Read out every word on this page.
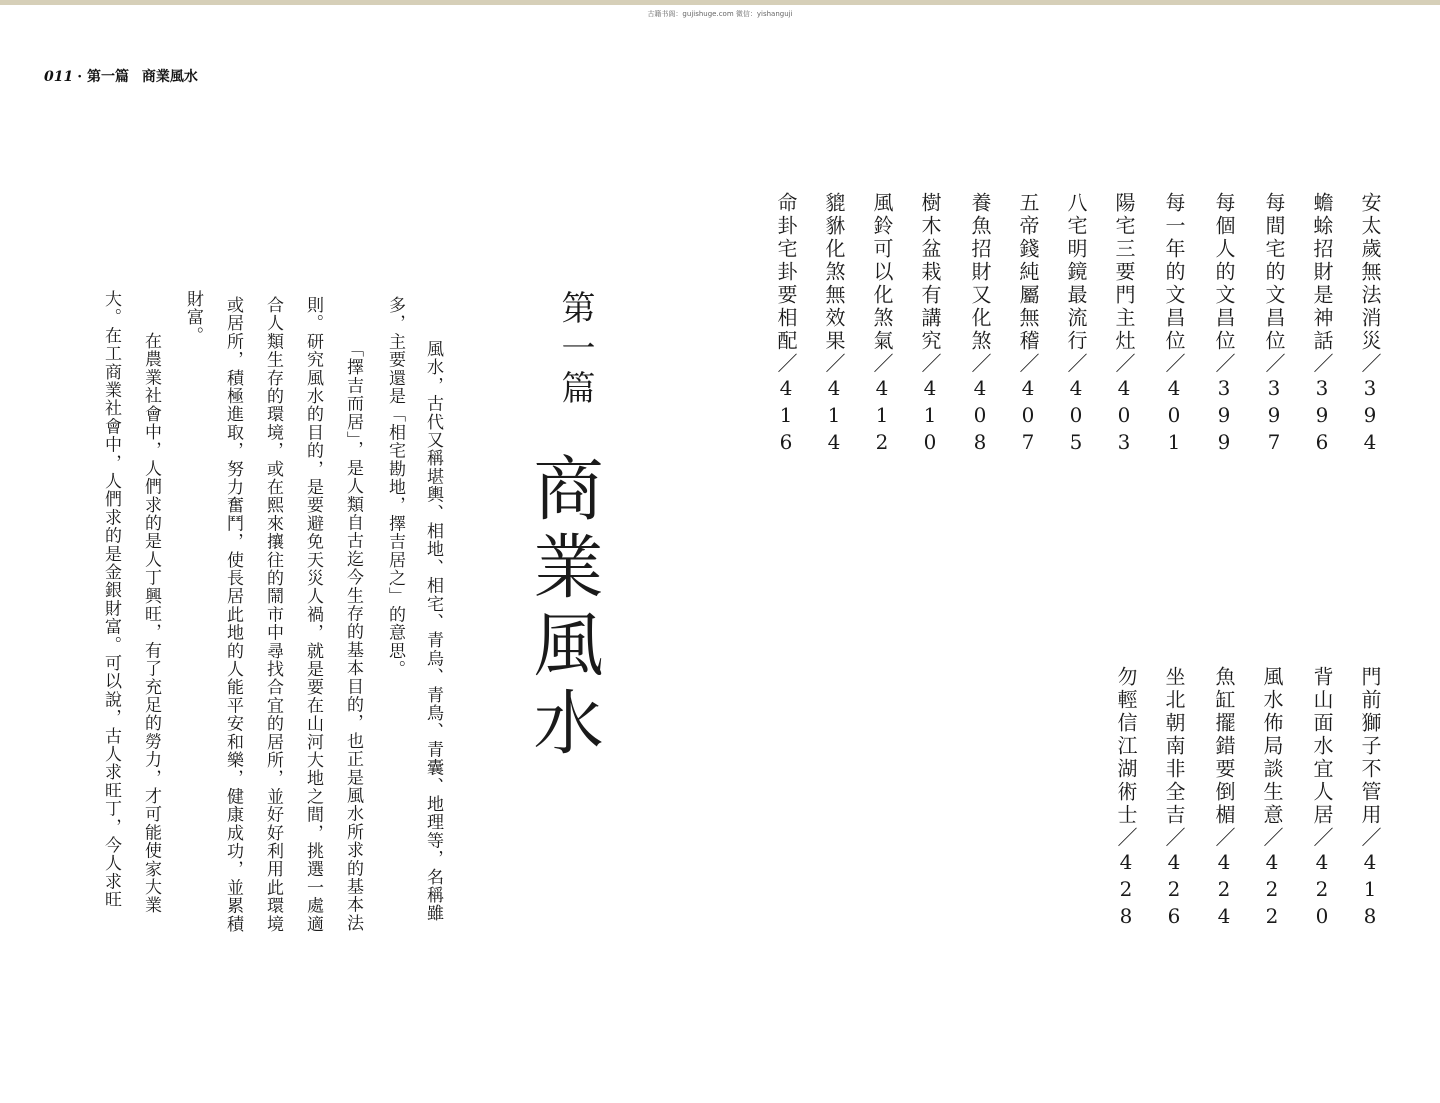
古籍书阁：gujishuge.com 微信：yishanguji
011 · 第一篇 商業風水
安太歲無法消災／394
蟾蜍招財是神話／396
每間宅的文昌位／397
每個人的文昌位／399
每一年的文昌位／401
陽宅三要門主灶／403
八宅明鏡最流行／405
五帝錢純屬無稽／407
養魚招財又化煞／408
樹木盆栽有講究／410
風鈴可以化煞氣／412
貔貅化煞無效果／414
命卦宅卦要相配／416
門前獅子不管用／418
背山面水宜人居／420
風水佈局談生意／422
魚缸擺錯要倒楣／424
坐北朝南非全吉／426
勿輕信江湖術士／428
第一篇
商業風水
風水，古代又稱堪輿、相地、相宅、青烏、青鳥、青囊、地理等，名稱雖
多，主要還是「相宅勘地，擇吉居之」的意思。
「擇吉而居」，是人類自古迄今生存的基本目的，也正是風水所求的基本法
則。研究風水的目的，是要避免天災人禍，就是要在山河大地之間，挑選一處適
合人類生存的環境，或在熙來攘往的鬧市中尋找合宜的居所，並好好利用此環境
或居所，積極進取，努力奮鬥，使長居此地的人能平安和樂，健康成功，並累積
財富。
在農業社會中，人們求的是人丁興旺，有了充足的勞力，才可能使家大業
大。在工商業社會中，人們求的是金銀財富。可以說，古人求旺丁，今人求旺
